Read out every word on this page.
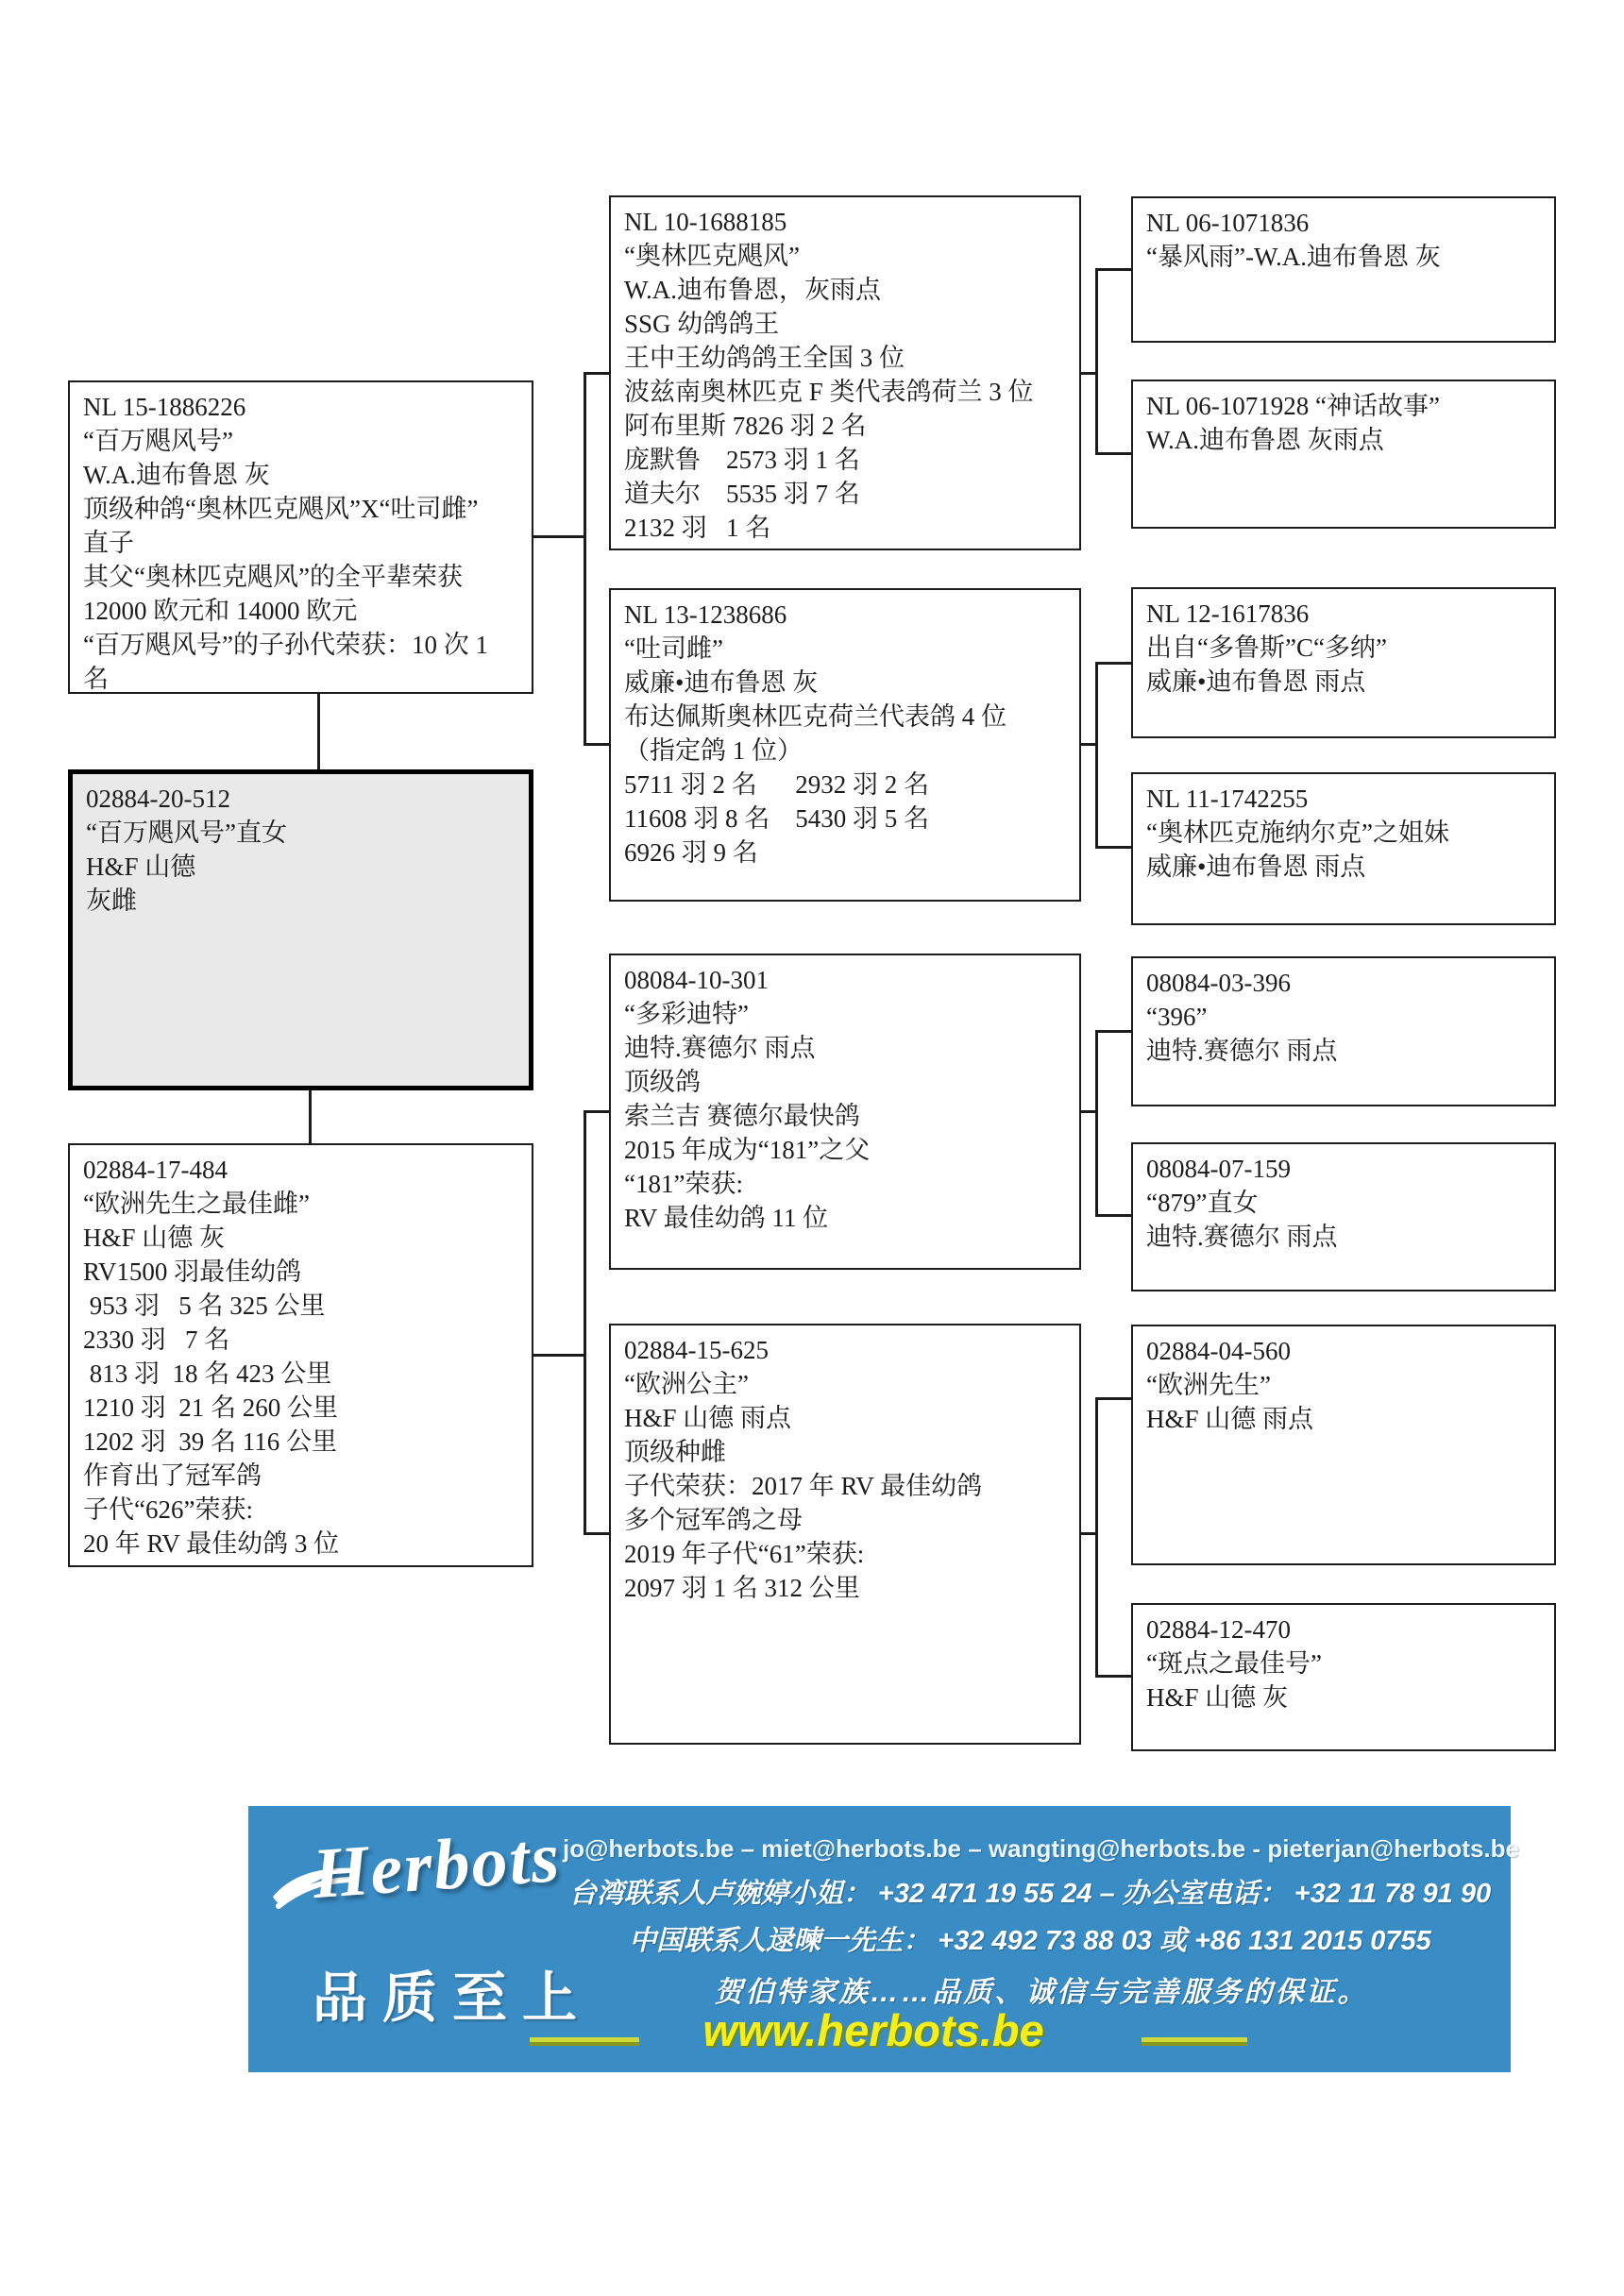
02884-20-512
“百万飓风号”直女
H&F 山德
灰雌
NL 15-1886226
“百万飓风号”
W.A.迪布鲁恩 灰
顶级种鸽“奥林匹克飓风”X“吐司雌”
直子
其父“奥林匹克飓风”的全平辈荣获
12000 欧元和 14000 欧元
“百万飓风号”的子孙代荣获：10 次 1
名
02884-17-484
“欧洲先生之最佳雌”
H&F 山德 灰
RV1500 羽最佳幼鸽
953 羽   5 名 325 公里
2330 羽   7 名
813 羽  18 名 423 公里
1210 羽  21 名 260 公里
1202 羽  39 名 116 公里
作育出了冠军鸽
子代“626”荣获:
20 年 RV 最佳幼鸽 3 位
NL 10-1688185
“奥林匹克飓风”
W.A.迪布鲁恩，灰雨点
SSG 幼鸽鸽王
王中王幼鸽鸽王全国 3 位
波兹南奥林匹克 F 类代表鸽荷兰 3 位
阿布里斯 7826 羽 2 名
庞默鲁    2573 羽 1 名
道夫尔    5535 羽 7 名
2132 羽   1 名
NL 13-1238686
“吐司雌”
威廉•迪布鲁恩 灰
布达佩斯奥林匹克荷兰代表鸽 4 位
（指定鸽 1 位）
5711 羽 2 名      2932 羽 2 名
11608 羽 8 名    5430 羽 5 名
6926 羽 9 名
08084-10-301
“多彩迪特”
迪特.赛德尔 雨点
顶级鸽
索兰吉 赛德尔最快鸽
2015 年成为“181”之父
“181”荣获:
RV 最佳幼鸽 11 位
02884-15-625
“欧洲公主”
H&F 山德 雨点
顶级种雌
子代荣获：2017 年 RV 最佳幼鸽
多个冠军鸽之母
2019 年子代“61”荣获:
2097 羽 1 名 312 公里
NL 06-1071836
“暴风雨”-W.A.迪布鲁恩 灰
NL 06-1071928 “神话故事”
W.A.迪布鲁恩 灰雨点
NL 12-1617836
出自“多鲁斯”C“多纳”
威廉•迪布鲁恩 雨点
NL 11-1742255
“奥林匹克施纳尔克”之姐妹
威廉•迪布鲁恩 雨点
08084-03-396
“396”
迪特.赛德尔 雨点
08084-07-159
“879”直女
迪特.赛德尔 雨点
02884-04-560
“欧洲先生”
H&F 山德 雨点
02884-12-470
“斑点之最佳号”
H&F 山德 灰
Herbots
品质至上
jo@herbots.be – miet@herbots.be – wangting@herbots.be - pieterjan@herbots.be
台湾联系人卢婉婷小姐： +32 471 19 55 24 – 办公室电话： +32 11 78 91 90
中国联系人逯暕一先生： +32 492 73 88 03 或 +86 131 2015 0755
贺伯特家族……品质、诚信与完善服务的保证。
www.herbots.be
